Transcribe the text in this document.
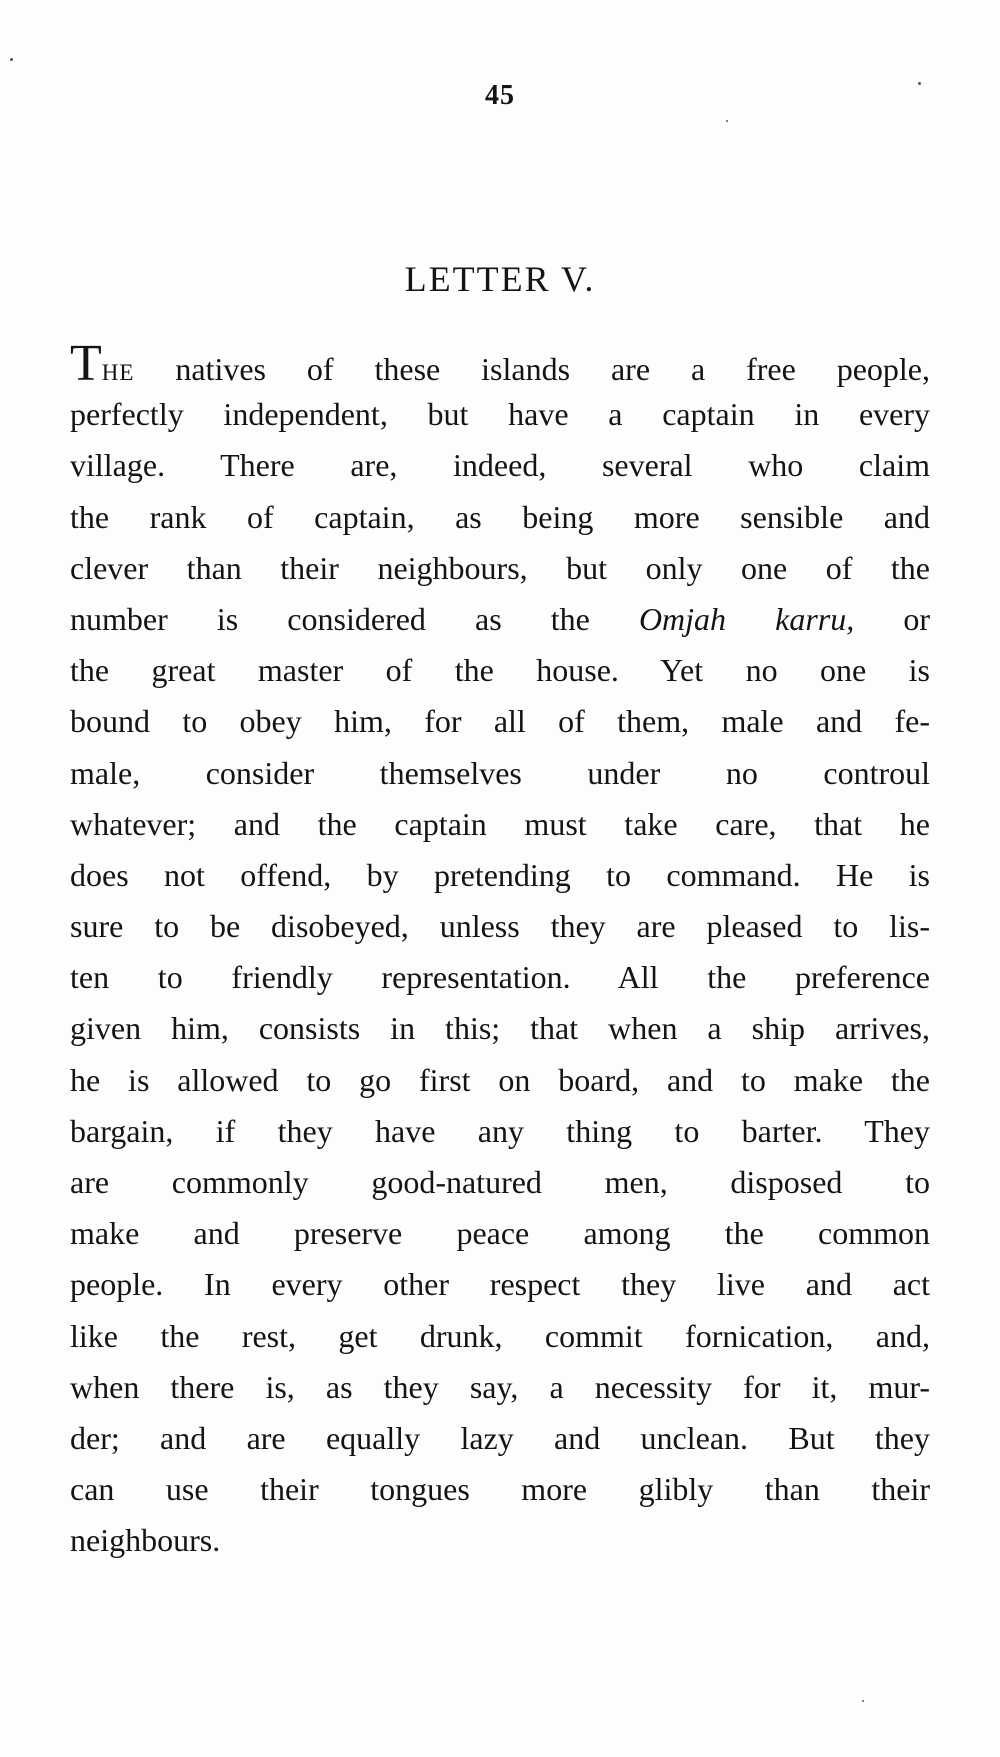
45
LETTER V.
THE natives of these islands are a free people,
perfectly independent, but have a captain in every
village. There are, indeed, several who claim
the rank of captain, as being more sensible and
clever than their neighbours, but only one of the
number is considered as the Omjah karru, or
the great master of the house. Yet no one is
bound to obey him, for all of them, male and fe-
male, consider themselves under no controul
whatever; and the captain must take care, that he
does not offend, by pretending to command. He is
sure to be disobeyed, unless they are pleased to lis-
ten to friendly representation. All the preference
given him, consists in this; that when a ship arrives,
he is allowed to go first on board, and to make the
bargain, if they have any thing to barter. They
are commonly good-natured men, disposed to
make and preserve peace among the common
people. In every other respect they live and act
like the rest, get drunk, commit fornication, and,
when there is, as they say, a necessity for it, mur-
der; and are equally lazy and unclean. But they
can use their tongues more glibly than their
neighbours.
